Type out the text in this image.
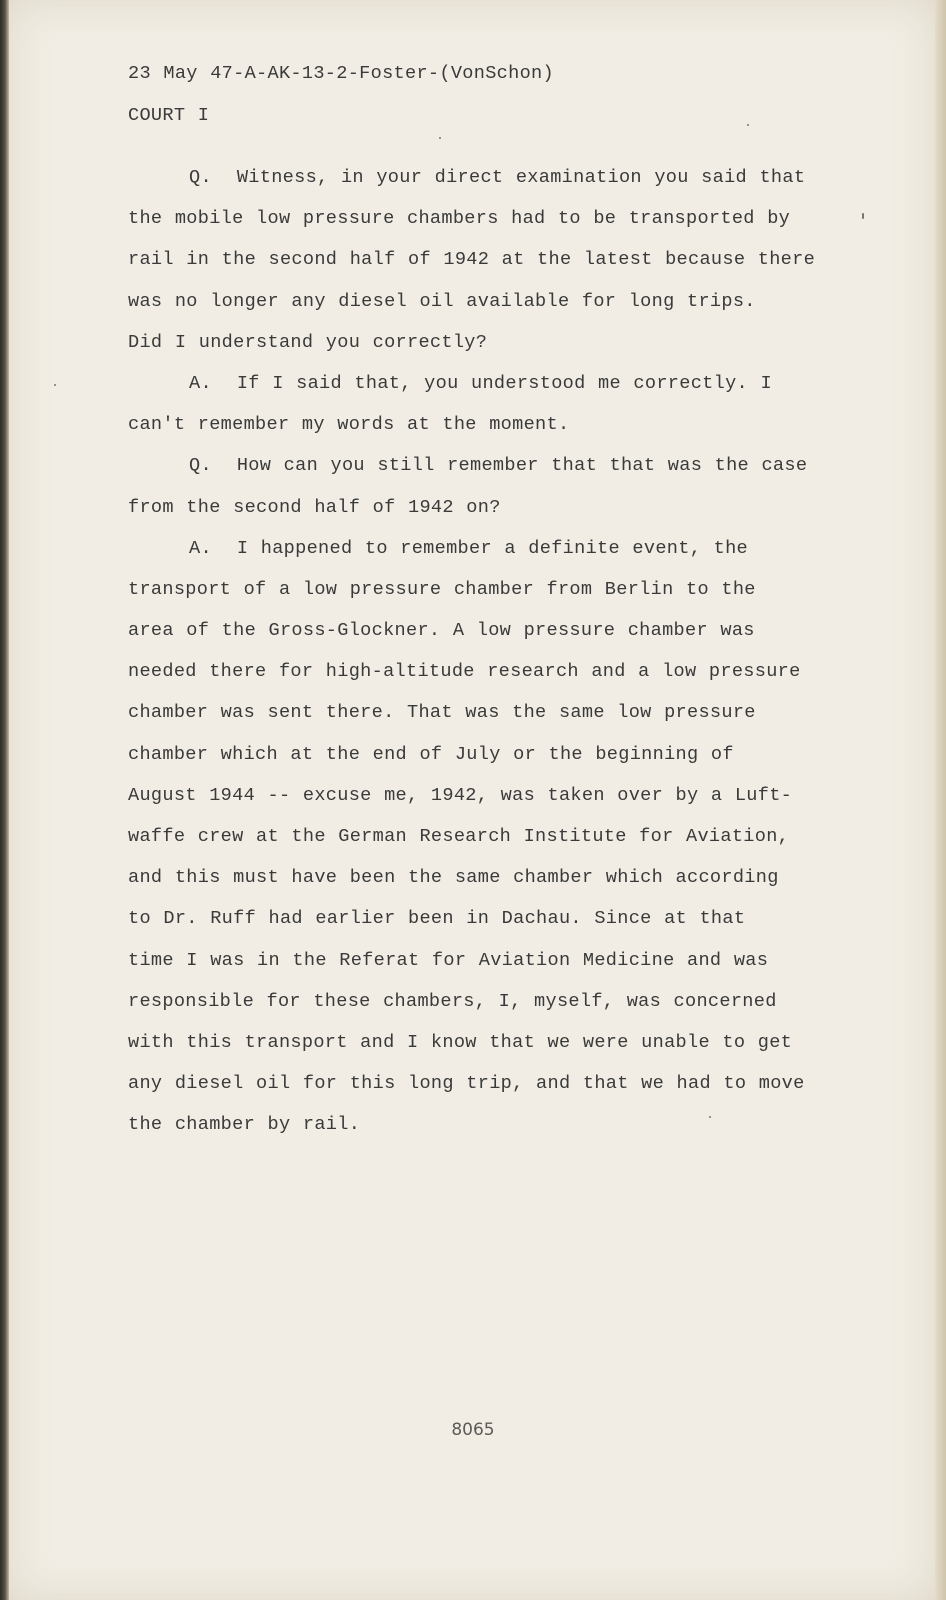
23 May 47-A-AK-13-2-Foster-(VonSchon)
COURT I
Q.  Witness, in your direct examination you said that
the mobile low pressure chambers had to be transported by
rail in the second half of 1942 at the latest because there
was no longer any diesel oil available for long trips.
Did I understand you correctly?
A.  If I said that, you understood me correctly. I
can't remember my words at the moment.
Q.  How can you still remember that that was the case
from the second half of 1942 on?
A.  I happened to remember a definite event, the
transport of a low pressure chamber from Berlin to the
area of the Gross-Glockner. A low pressure chamber was
needed there for high-altitude research and a low pressure
chamber was sent there. That was the same low pressure
chamber which at the end of July or the beginning of
August 1944 -- excuse me, 1942, was taken over by a Luft-
waffe crew at the German Research Institute for Aviation,
and this must have been the same chamber which according
to Dr. Ruff had earlier been in Dachau. Since at that
time I was in the Referat for Aviation Medicine and was
responsible for these chambers, I, myself, was concerned
with this transport and I know that we were unable to get
any diesel oil for this long trip, and that we had to move
the chamber by rail.
8065
